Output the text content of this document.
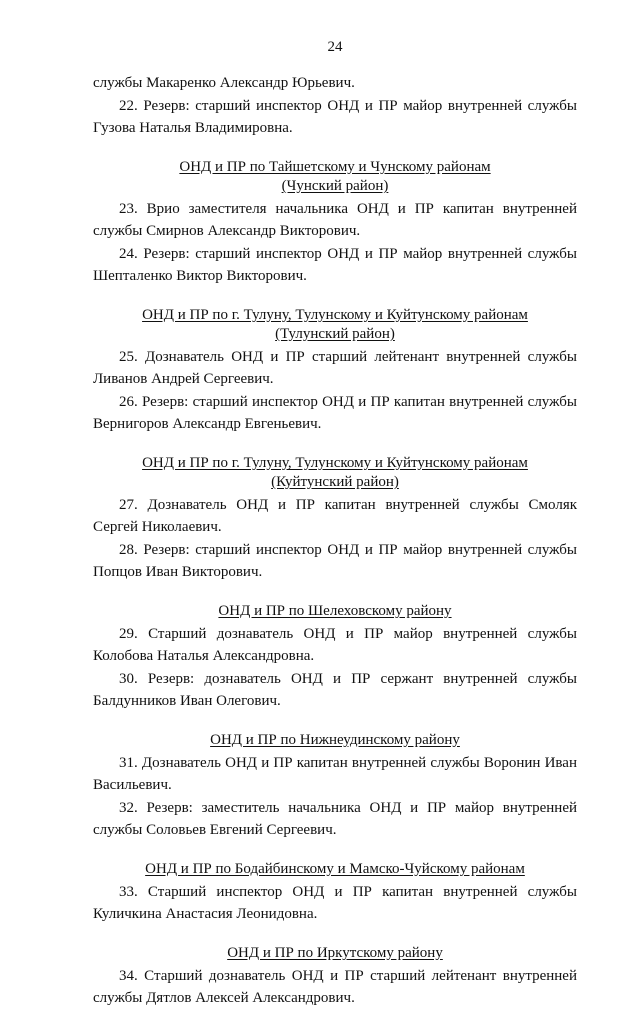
24

службы Макаренко Александр Юрьевич.

22. Резерв: старший инспектор ОНД и ПР майор внутренней службы Гузова Наталья Владимировна.

ОНД и ПР по Тайшетскому и Чунскому районам
(Чунский район)

23. Врио заместителя начальника ОНД и ПР капитан внутренней службы Смирнов Александр Викторович.

24. Резерв: старший инспектор ОНД и ПР майор внутренней службы Шепталенко Виктор Викторович.

ОНД и ПР по г. Тулуну, Тулунскому и Куйтунскому районам
(Тулунский район)

25. Дознаватель ОНД и ПР старший лейтенант внутренней службы Ливанов Андрей Сергеевич.

26. Резерв: старший инспектор ОНД и ПР капитан внутренней службы Вернигоров Александр Евгеньевич.

ОНД и ПР по г. Тулуну, Тулунскому и Куйтунскому районам
(Куйтунский район)

27. Дознаватель ОНД и ПР капитан внутренней службы Смоляк Сергей Николаевич.

28. Резерв: старший инспектор ОНД и ПР майор внутренней службы Попцов Иван Викторович.

ОНД и ПР по Шелеховскому району

29. Старший дознаватель ОНД и ПР майор внутренней службы Колобова Наталья Александровна.

30. Резерв: дознаватель ОНД и ПР сержант внутренней службы Балдунников Иван Олегович.

ОНД и ПР по Нижнеудинскому району

31. Дознаватель ОНД и ПР капитан внутренней службы Воронин Иван Васильевич.

32. Резерв: заместитель начальника ОНД и ПР майор внутренней службы Соловьев Евгений Сергеевич.

ОНД и ПР по Бодайбинскому и Мамско-Чуйскому районам

33. Старший инспектор ОНД и ПР капитан внутренней службы Куличкина Анастасия Леонидовна.

ОНД и ПР по Иркутскому району

34. Старший дознаватель ОНД и ПР старший лейтенант внутренней службы Дятлов Алексей Александрович.
